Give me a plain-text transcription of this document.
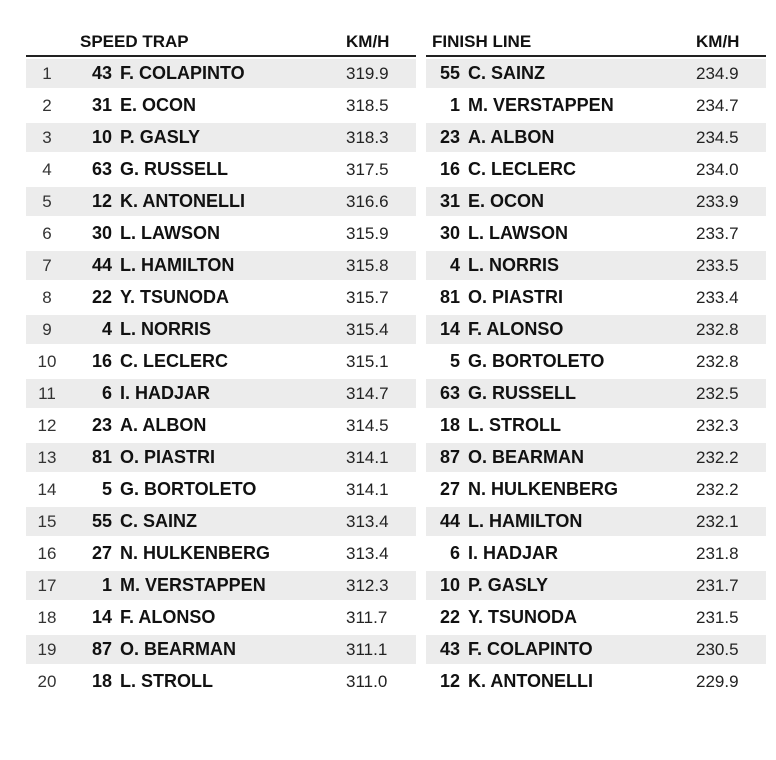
SPEED TRAP	KM/H
1	43 F. COLAPINTO	319.9
2	31 E. OCON	318.5
3	10 P. GASLY	318.3
4	63 G. RUSSELL	317.5
5	12 K. ANTONELLI	316.6
6	30 L. LAWSON	315.9
7	44 L. HAMILTON	315.8
8	22 Y. TSUNODA	315.7
9	4 L. NORRIS	315.4
10	16 C. LECLERC	315.1
11	6 I. HADJAR	314.7
12	23 A. ALBON	314.5
13	81 O. PIASTRI	314.1
14	5 G. BORTOLETO	314.1
15	55 C. SAINZ	313.4
16	27 N. HULKENBERG	313.4
17	1 M. VERSTAPPEN	312.3
18	14 F. ALONSO	311.7
19	87 O. BEARMAN	311.1
20	18 L. STROLL	311.0
FINISH LINE	KM/H
55 C. SAINZ	234.9
1 M. VERSTAPPEN	234.7
23 A. ALBON	234.5
16 C. LECLERC	234.0
31 E. OCON	233.9
30 L. LAWSON	233.7
4 L. NORRIS	233.5
81 O. PIASTRI	233.4
14 F. ALONSO	232.8
5 G. BORTOLETO	232.8
63 G. RUSSELL	232.5
18 L. STROLL	232.3
87 O. BEARMAN	232.2
27 N. HULKENBERG	232.2
44 L. HAMILTON	232.1
6 I. HADJAR	231.8
10 P. GASLY	231.7
22 Y. TSUNODA	231.5
43 F. COLAPINTO	230.5
12 K. ANTONELLI	229.9
